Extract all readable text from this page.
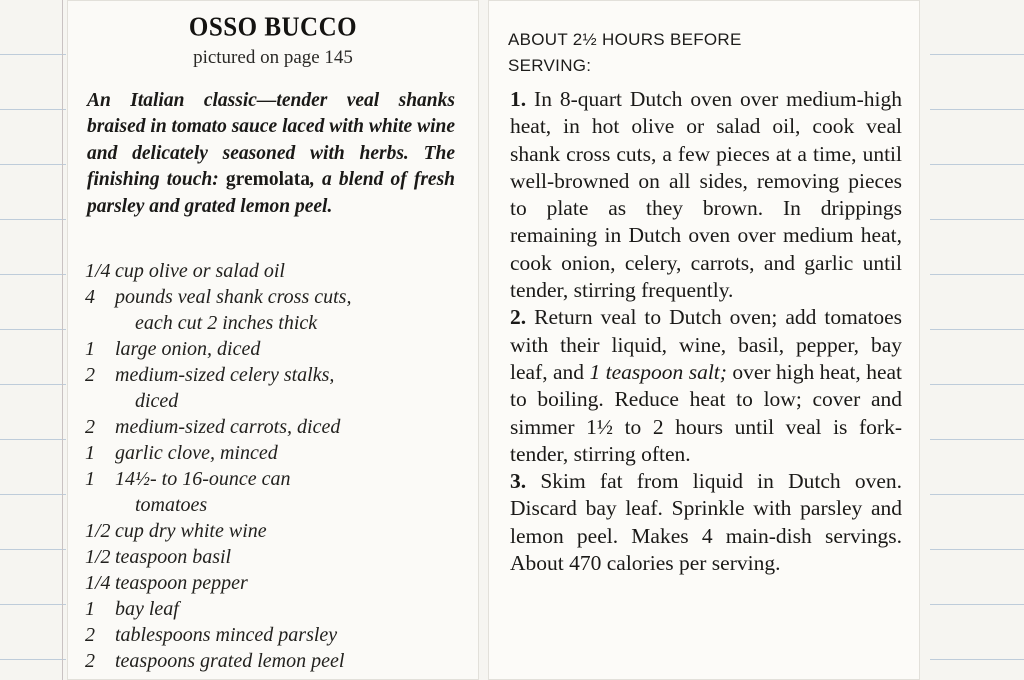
OSSO BUCCO
pictured on page 145
An Italian classic—tender veal shanks braised in tomato sauce laced with white wine and delicately seasoned with herbs. The finishing touch: gremolata, a blend of fresh parsley and grated lemon peel.
1/4 cup olive or salad oil
4	pounds veal shank cross cuts,
each cut 2 inches thick
1	large onion, diced
2	medium-sized celery stalks,
diced
2	medium-sized carrots, diced
1	garlic clove, minced
1	14½- to 16-ounce can
tomatoes
1/2 cup dry white wine
1/2 teaspoon basil
1/4 teaspoon pepper
1	bay leaf
2	tablespoons minced parsley
2	teaspoons grated lemon peel
ABOUT 2½ HOURS BEFORE
SERVING:

1. In 8-quart Dutch oven over medium-high heat, in hot olive or salad oil, cook veal shank cross cuts, a few pieces at a time, until well-browned on all sides, removing pieces to plate as they brown. In drippings remaining in Dutch oven over medium heat, cook onion, celery, carrots, and garlic until tender, stirring frequently.

2. Return veal to Dutch oven; add tomatoes with their liquid, wine, basil, pepper, bay leaf, and 1 teaspoon salt; over high heat, heat to boiling. Reduce heat to low; cover and simmer 1½ to 2 hours until veal is fork-tender, stirring often.

3. Skim fat from liquid in Dutch oven. Discard bay leaf. Sprinkle with parsley and lemon peel. Makes 4 main-dish servings. About 470 calories per serving.
